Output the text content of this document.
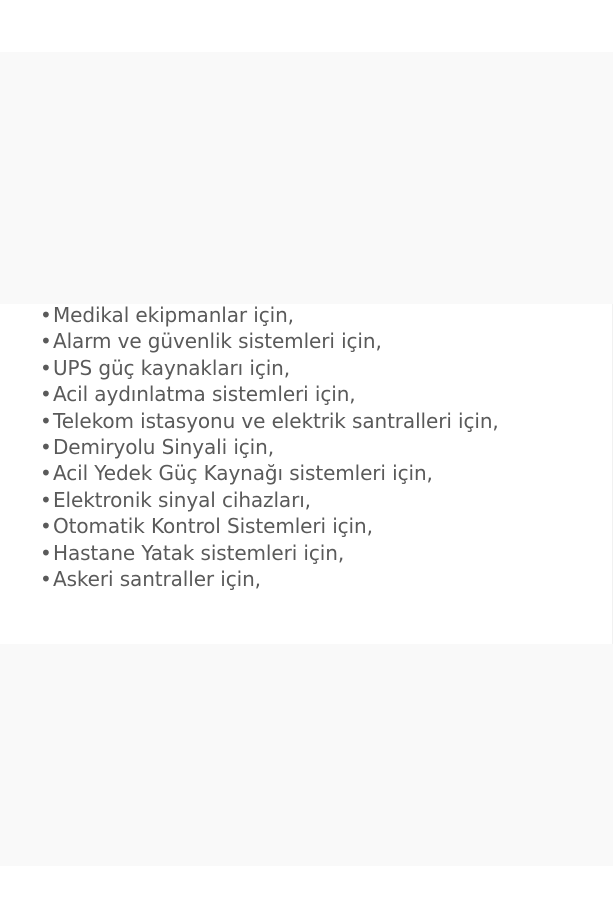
•Medikal ekipmanlar için,
•Alarm ve güvenlik sistemleri için,
•UPS güç kaynakları için,
•Acil aydınlatma sistemleri için,
•Telekom istasyonu ve elektrik santralleri için,
•Demiryolu Sinyali için,
•Acil Yedek Güç Kaynağı sistemleri için,
•Elektronik sinyal cihazları,
•Otomatik Kontrol Sistemleri için,
•Hastane Yatak sistemleri için,
•Askeri santraller için,
